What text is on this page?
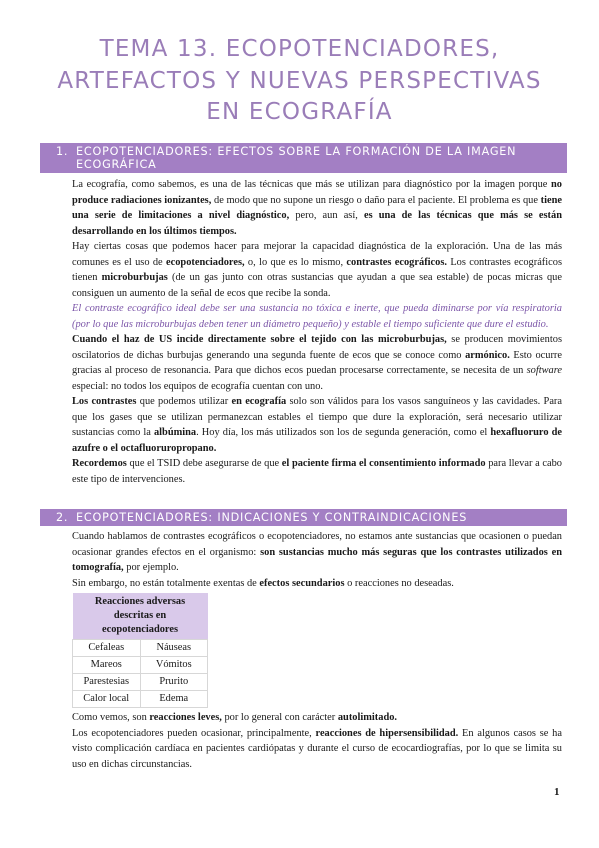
TEMA 13. ECOPOTENCIADORES, ARTEFACTOS Y NUEVAS PERSPECTIVAS EN ECOGRAFÍA
1. ECOPOTENCIADORES: EFECTOS SOBRE LA FORMACIÓN DE LA IMAGEN ECOGRÁFICA

La ecografía, como sabemos, es una de las técnicas que más se utilizan para diagnóstico por la imagen porque no produce radiaciones ionizantes, de modo que no supone un riesgo o daño para el paciente. El problema es que tiene una serie de limitaciones a nivel diagnóstico, pero, aun así, es una de las técnicas que más se están desarrollando en los últimos tiempos.

Hay ciertas cosas que podemos hacer para mejorar la capacidad diagnóstica de la exploración. Una de las más comunes es el uso de ecopotenciadores, o, lo que es lo mismo, contrastes ecográficos. Los contrastes ecográficos tienen microburbujas (de un gas junto con otras sustancias que ayudan a que sea estable) de pocas micras que consiguen un aumento de la señal de ecos que recibe la sonda.

El contraste ecográfico ideal debe ser una sustancia no tóxica e inerte, que pueda diminarse por vía respiratoria (por lo que las microburbujas deben tener un diámetro pequeño) y estable el tiempo suficiente que dure el estudio.

Cuando el haz de US incide directamente sobre el tejido con las microburbujas, se producen movimientos oscilatorios de dichas burbujas generando una segunda fuente de ecos que se conoce como armónico. Esto ocurre gracias al proceso de resonancia. Para que dichos ecos puedan procesarse correctamente, se necesita de un software especial: no todos los equipos de ecografía cuentan con uno.

Los contrastes que podemos utilizar en ecografía solo son válidos para los vasos sanguíneos y las cavidades. Para que los gases que se utilizan permanezcan estables el tiempo que dure la exploración, será necesario utilizar sustancias como la albúmina. Hoy día, los más utilizados son los de segunda generación, como el hexafluoruro de azufre o el octafluoruropropano.

Recordemos que el TSID debe asegurarse de que el paciente firma el consentimiento informado para llevar a cabo este tipo de intervenciones.

2. ECOPOTENCIADORES: INDICACIONES Y CONTRAINDICACIONES

Cuando hablamos de contrastes ecográficos o ecopotenciadores, no estamos ante sustancias que ocasionen o puedan ocasionar grandes efectos en el organismo: son sustancias mucho más seguras que los contrastes utilizados en tomografía, por ejemplo.

Sin embargo, no están totalmente exentas de efectos secundarios o reacciones no deseadas.

Reacciones adversas descritas en ecopotenciadores	
Cefaleas	Náuseas
Mareos	Vómitos
Parestesias	Prurito
Calor local	Edema

Como vemos, son reacciones leves, por lo general con carácter autolimitado.

Los ecopotenciadores pueden ocasionar, principalmente, reacciones de hipersensibilidad. En algunos casos se ha visto complicación cardíaca en pacientes cardiópatas y durante el curso de ecocardiografías, por lo que se limita su uso en dichas circunstancias.

1
